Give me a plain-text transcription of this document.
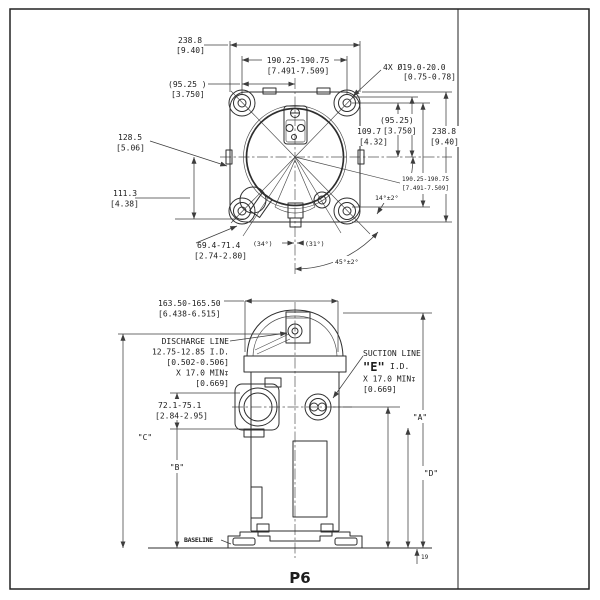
238.8
[9.40]
190.25-190.75
[7.491-7.509]
(95.25 )
[3.750]
4X Ø19.0-20.0
[0.75-0.78]
128.5
[5.06]
(95.25)
[3.750]
109.7
[4.32]
238.8
[9.40]
190.25-190.75
[7.491-7.509]
14°±2°
111.3
[4.38]
69.4-71.4
[2.74-2.80]
(34°)	(31°)
45°±2°
163.50-165.50
[6.438-6.515]
DISCHARGE LINE
12.75-12.85 I.D.
[0.502-0.506]
X 17.0 MIN↧
[0.669]
SUCTION LINE
"E" I.D.
X 17.0 MIN↧
[0.669]
72.1-75.1
[2.84-2.95]
"C"
"B"
"A"
"D"
19
BASELINE
P6
